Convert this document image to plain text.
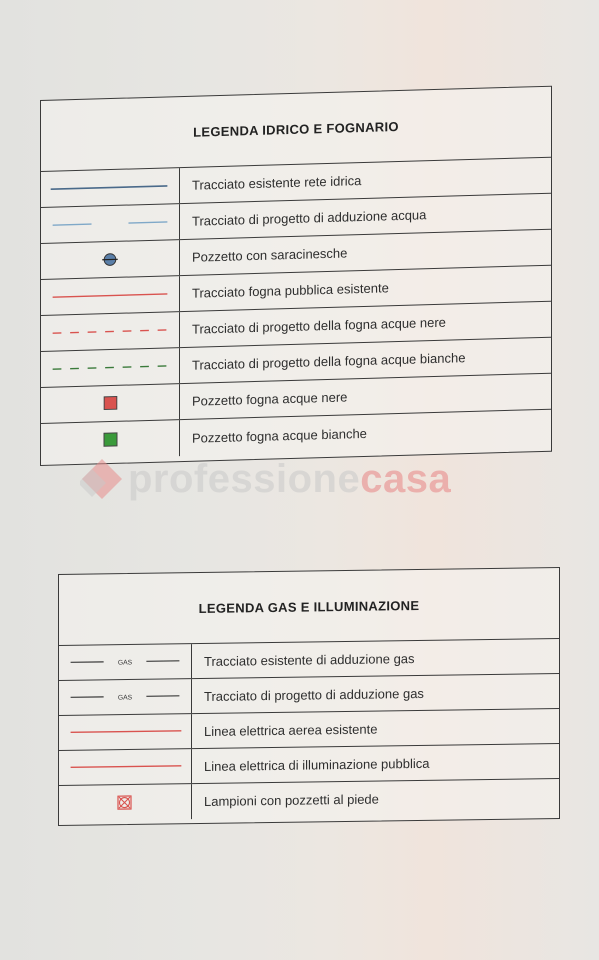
LEGENDA IDRICO E FOGNARIO
Tracciato esistente rete idrica
Tracciato di progetto di adduzione acqua
Pozzetto con saracinesche
Tracciato fogna pubblica esistente
Tracciato di progetto della fogna acque nere
Tracciato di progetto della fogna acque bianche
Pozzetto fogna acque nere
Pozzetto fogna acque bianche
professionecasa
LEGENDA GAS E ILLUMINAZIONE
GAS	Tracciato esistente di adduzione gas
GAS	Tracciato di progetto di adduzione gas
Linea elettrica aerea esistente
Linea elettrica di illuminazione pubblica
Lampioni con pozzetti al piede
